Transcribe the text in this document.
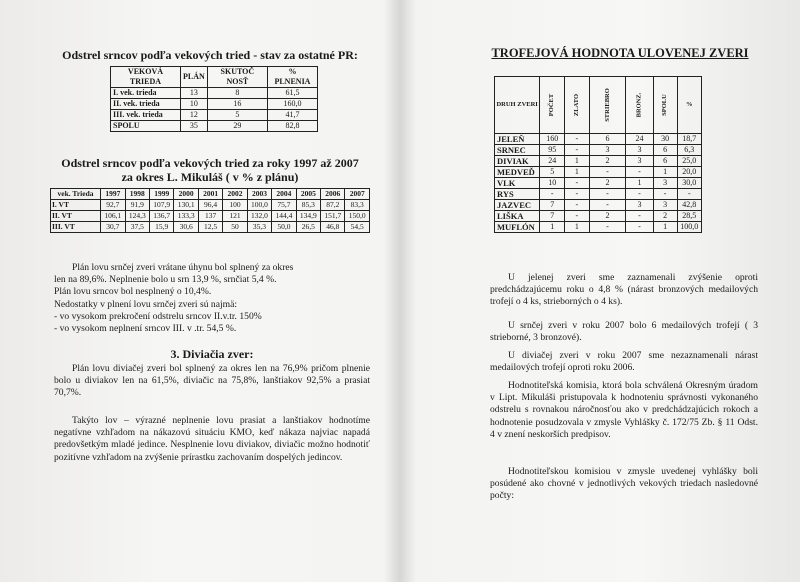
Odstrel srncov podľa vekových tried - stav za ostatné PR:
VEKOVÁ TRIEDA	PLÁN	SKUTOČ NOSŤ	% PLNENIA
I. vek. trieda	13	8	61,5
II. vek. trieda	10	16	160,0
III. vek. trieda	12	5	41,7
SPOLU	35	29	82,8
Odstrel srncov podľa vekových tried za roky 1997 až 2007
za okres L. Mikuláš ( v % z plánu)
vek. Trieda	1997	1998	1999	2000	2001	2002	2003	2004	2005	2006	2007
I. VT	92,7	91,9	107,9	130,1	96,4	100	100,0	75,7	85,3	87,2	83,3
II. VT	106,1	124,3	136,7	133,3	137	121	132,0	144,4	134,9	151,7	150,0
III. VT	30,7	37,5	15,9	30,6	12,5	50	35,3	50,0	26,5	46,8	54,5

Plán lovu srnčej zveri vrátane úhynu bol splnený za okres

len na 89,6%. Neplnenie bolo u srn 13,9 %, srnčiat 5,4 %.

Plán lovu srncov bol nesplnený o 10,4%.

Nedostatky v plnení lovu srnčej zveri sú najmä:

- vo vysokom prekročení odstrelu srncov II.v.tr. 150%

- vo vysokom neplnení srncov III. v .tr. 54,5 %.

3. Diviačia zver:

Plán lovu diviačej zveri bol splnený za okres len na 76,9% pričom plnenie bolo u diviakov len na 61,5%, diviačic na 75,8%, lanštiakov 92,5% a prasiat 70,7%.

Takýto lov – výrazné neplnenie lovu prasiat a lanštiakov hodnotíme negatívne vzhľadom na nákazovú situáciu KMO, keď nákaza najviac napadá predovšetkým mladé jedince. Nesplnenie lovu diviakov, diviačic možno hodnotiť pozitívne vzhľadom na zvýšenie prírastku zachovaním dospelých jedincov.

TROFEJOVÁ HODNOTA ULOVENEJ ZVERI
DRUH ZVERI	POČET	ZLATO	STRIEBRO	BRONZ.	SPOLU	%
JELEŇ	160	-	6	24	30	18,7
SRNEC	95	-	3	3	6	6,3
DIVIAK	24	1	2	3	6	25,0
MEDVEĎ	5	1	-	-	1	20,0
VLK	10	-	2	1	3	30,0
RYS	-	-	-	-	-	-
JAZVEC	7	-	-	3	3	42,8
LIŠKA	7	-	2	-	2	28,5
MUFLÓN	1	1	-	-	1	100,0

U jelenej zveri sme zaznamenali zvýšenie oproti predchádzajúcemu roku o 4,8 % (nárast bronzových medailových trofejí o 4 ks, strieborných o 4 ks).

U srnčej zveri v roku 2007 bolo 6 medailových trofejí ( 3 strieborné, 3 bronzové).

U diviačej zveri v roku 2007 sme nezaznamenali nárast medailových trofejí oproti roku 2006.

Hodnotiteľská komisia, ktorá bola schválená Okresným úradom v Lipt. Mikuláši pristupovala k hodnoteniu správnosti vykonaného odstrelu s rovnakou náročnosťou ako v predchádzajúcich rokoch a hodnotenie posudzovala v zmysle Vyhlášky č. 172/75 Zb. § 11 Odst. 4 v znení neskorších predpisov.

Hodnotiteľskou komisiou v zmysle uvedenej vyhlášky boli posúdené ako chovné v jednotlivých vekových triedach nasledovné počty:
